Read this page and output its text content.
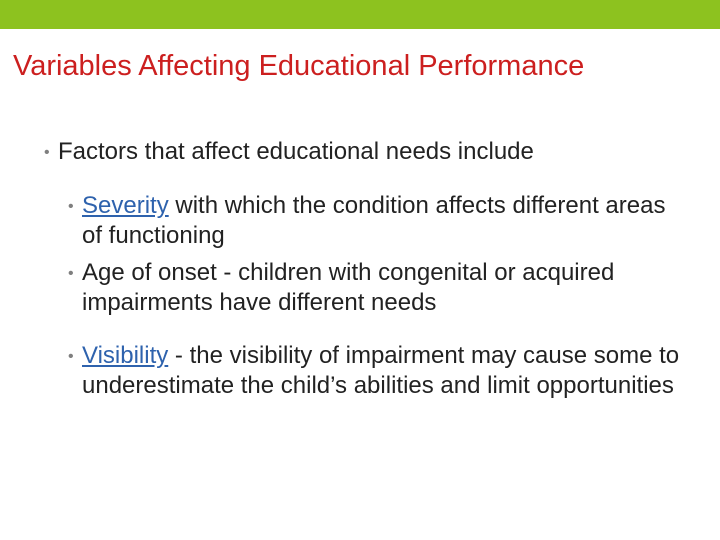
Variables Affecting Educational Performance
• Factors that affect educational needs include
• Severity with which the condition affects different areas of functioning
• Age of onset - children with congenital or acquired impairments have different needs
• Visibility - the visibility of impairment may cause some to underestimate the child’s abilities and limit opportunities
